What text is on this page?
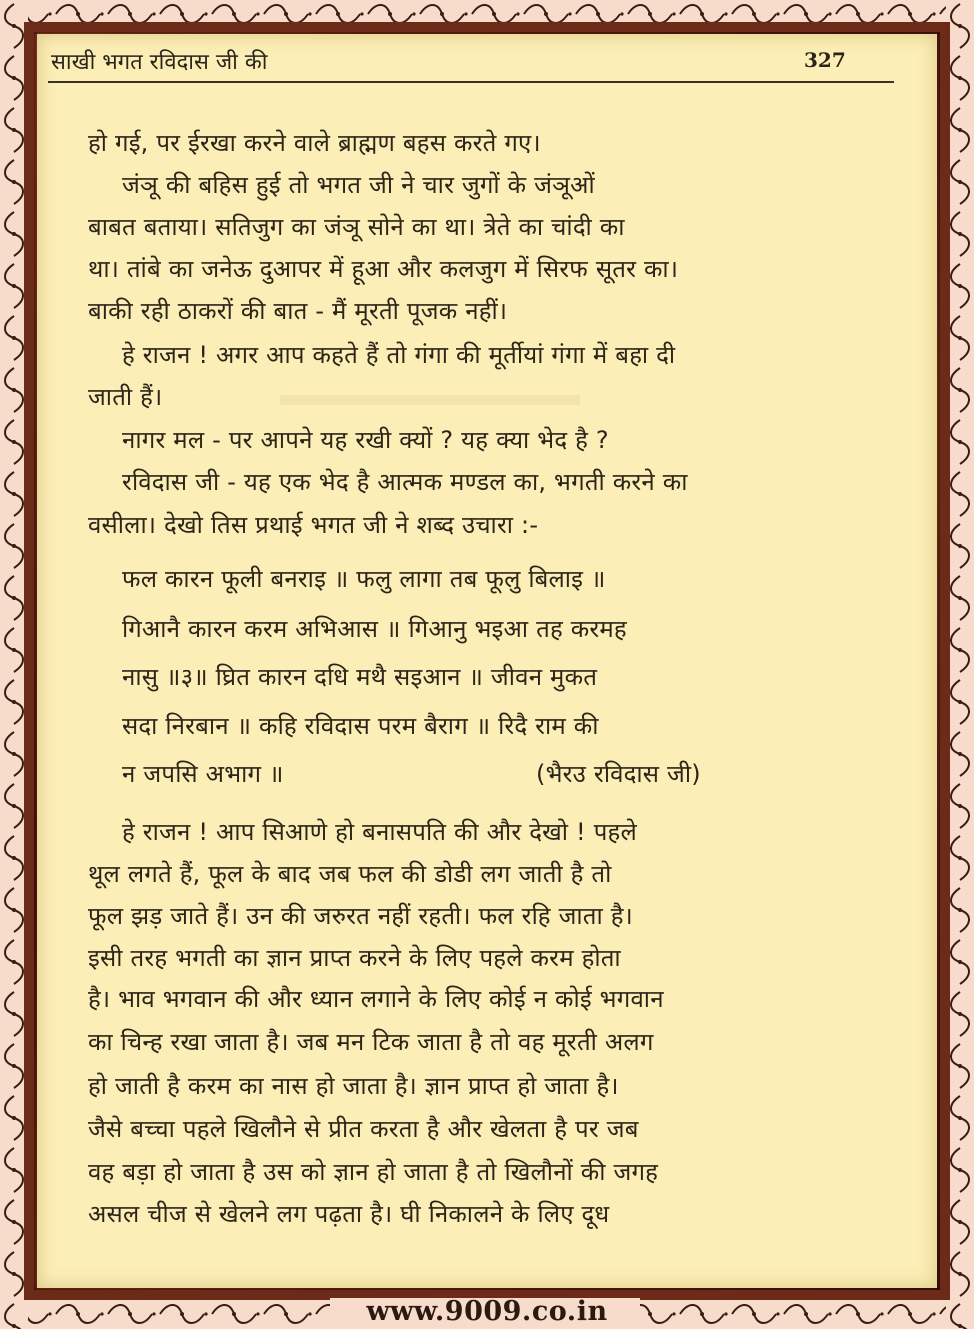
साखी भगत रविदास जी की	327
हो गई, पर ईरखा करने वाले ब्राह्मण बहस करते गए।
जंञू की बहिस हुई तो भगत जी ने चार जुगों के जंञूओं
बाबत बताया। सतिजुग का जंञू सोने का था। त्रेते का चांदी का
था। तांबे का जनेऊ दुआपर में हूआ और कलजुग में सिरफ सूतर का।
बाकी रही ठाकरों की बात - मैं मूरती पूजक नहीं।
हे राजन ! अगर आप कहते हैं तो गंगा की मूर्तीयां गंगा में बहा दी
जाती हैं।
नागर मल - पर आपने यह रखी क्यों ? यह क्या भेद है ?
रविदास जी - यह एक भेद है आत्मक मण्डल का, भगती करने का
वसीला। देखो तिस प्रथाई भगत जी ने शब्द उचारा :-
फल कारन फूली बनराइ ॥ फलु लागा तब फूलु बिलाइ ॥
गिआनै कारन करम अभिआस ॥ गिआनु भइआ तह करमह
नासु ॥३॥ घ्रित कारन दधि मथै सइआन ॥ जीवन मुकत
सदा निरबान ॥ कहि रविदास परम बैराग ॥ रिदै राम की
न जपसि अभाग ॥	(भैरउ रविदास जी)
हे राजन ! आप सिआणे हो बनासपति की और देखो ! पहले
थूल लगते हैं, फूल के बाद जब फल की डोडी लग जाती है तो
फूल झड़ जाते हैं। उन की जरुरत नहीं रहती। फल रहि जाता है।
इसी तरह भगती का ज्ञान प्राप्त करने के लिए पहले करम होता
है। भाव भगवान की और ध्यान लगाने के लिए कोई न कोई भगवान
का चिन्ह रखा जाता है। जब मन टिक जाता है तो वह मूरती अलग
हो जाती है करम का नास हो जाता है। ज्ञान प्राप्त हो जाता है।
जैसे बच्चा पहले खिलौने से प्रीत करता है और खेलता है पर जब
वह बड़ा हो जाता है उस को ज्ञान हो जाता है तो खिलौनों की जगह
असल चीज से खेलने लग पढ़ता है। घी निकालने के लिए दूध
www.9009.co.in
